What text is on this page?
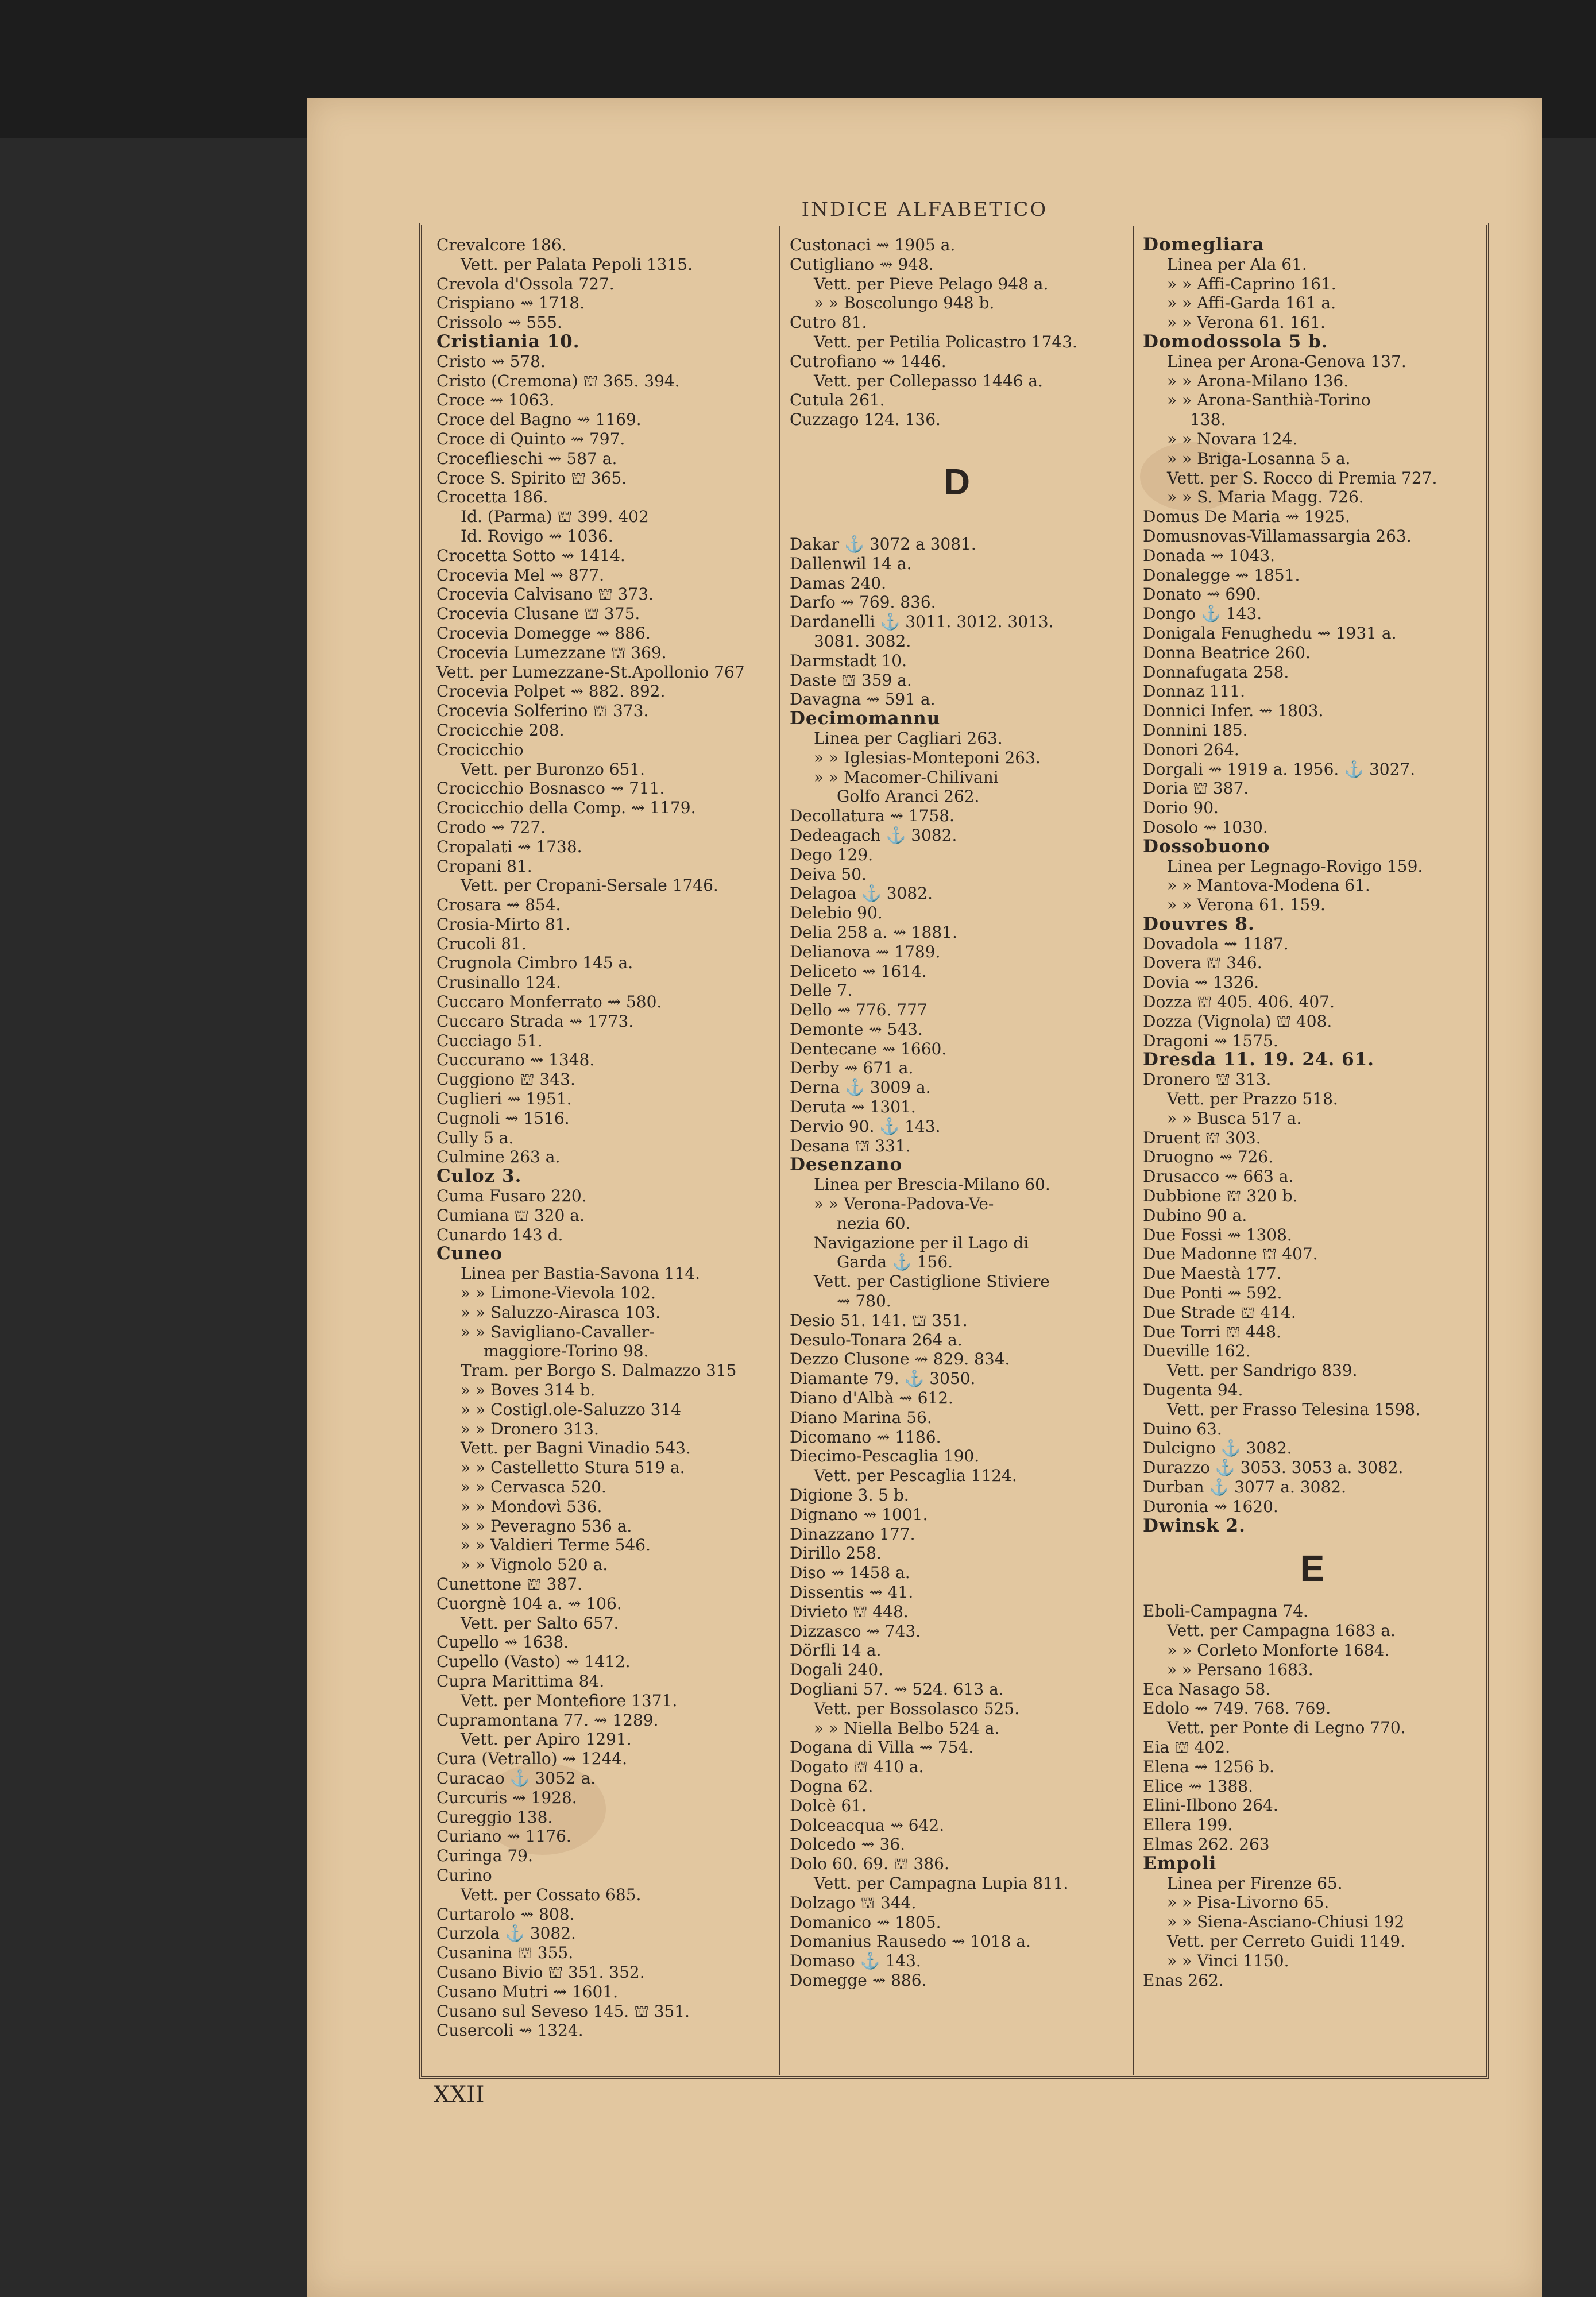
INDICE ALFABETICO
Crevalcore 186.
Vett. per Palata Pepoli 1315.
Crevola d'Ossola 727.
Crispiano ⇝ 1718.
Crissolo ⇝ 555.
Cristiania 10.
Cristo ⇝ 578.
Cristo (Cremona) ⛫ 365. 394.
Croce ⇝ 1063.
Croce del Bagno ⇝ 1169.
Croce di Quinto ⇝ 797.
Croceflieschi ⇝ 587 a.
Croce S. Spirito ⛫ 365.
Crocetta 186.
Id. (Parma) ⛫ 399. 402
Id. Rovigo ⇝ 1036.
Crocetta Sotto ⇝ 1414.
Crocevia Mel ⇝ 877.
Crocevia Calvisano ⛫ 373.
Crocevia Clusane ⛫ 375.
Crocevia Domegge ⇝ 886.
Crocevia Lumezzane ⛫ 369.
Vett. per Lumezzane-St.Apollonio 767
Crocevia Polpet ⇝ 882. 892.
Crocevia Solferino ⛫ 373.
Crocicchie 208.
Crocicchio
Vett. per Buronzo 651.
Crocicchio Bosnasco ⇝ 711.
Crocicchio della Comp. ⇝ 1179.
Crodo ⇝ 727.
Cropalati ⇝ 1738.
Cropani 81.
Vett. per Cropani-Sersale 1746.
Crosara ⇝ 854.
Crosia-Mirto 81.
Crucoli 81.
Crugnola Cimbro 145 a.
Crusinallo 124.
Cuccaro Monferrato ⇝ 580.
Cuccaro Strada ⇝ 1773.
Cucciago 51.
Cuccurano ⇝ 1348.
Cuggiono ⛫ 343.
Cuglieri ⇝ 1951.
Cugnoli ⇝ 1516.
Cully 5 a.
Culmine 263 a.
Culoz 3.
Cuma Fusaro 220.
Cumiana ⛫ 320 a.
Cunardo 143 d.
Cuneo
Linea per Bastia-Savona 114.
» » Limone-Vievola 102.
» » Saluzzo-Airasca 103.
» » Savigliano-Cavaller-
maggiore-Torino 98.
Tram. per Borgo S. Dalmazzo 315
» » Boves 314 b.
» » Costigl.ole-Saluzzo 314
» » Dronero 313.
Vett. per Bagni Vinadio 543.
» » Castelletto Stura 519 a.
» » Cervasca 520.
» » Mondovì 536.
» » Peveragno 536 a.
» » Valdieri Terme 546.
» » Vignolo 520 a.
Cunettone ⛫ 387.
Cuorgnè 104 a. ⇝ 106.
Vett. per Salto 657.
Cupello ⇝ 1638.
Cupello (Vasto) ⇝ 1412.
Cupra Marittima 84.
Vett. per Montefiore 1371.
Cupramontana 77. ⇝ 1289.
Vett. per Apiro 1291.
Cura (Vetrallo) ⇝ 1244.
Curacao ⚓ 3052 a.
Curcuris ⇝ 1928.
Cureggio 138.
Curiano ⇝ 1176.
Curinga 79.
Curino
Vett. per Cossato 685.
Curtarolo ⇝ 808.
Curzola ⚓ 3082.
Cusanina ⛫ 355.
Cusano Bivio ⛫ 351. 352.
Cusano Mutri ⇝ 1601.
Cusano sul Seveso 145. ⛫ 351.
Cusercoli ⇝ 1324.
Custonaci ⇝ 1905 a.
Cutigliano ⇝ 948.
Vett. per Pieve Pelago 948 a.
» » Boscolungo 948 b.
Cutro 81.
Vett. per Petilia Policastro 1743.
Cutrofiano ⇝ 1446.
Vett. per Collepasso 1446 a.
Cutula 261.
Cuzzago 124. 136.
D
Dakar ⚓ 3072 a 3081.
Dallenwil 14 a.
Damas 240.
Darfo ⇝ 769. 836.
Dardanelli ⚓ 3011. 3012. 3013.
3081. 3082.
Darmstadt 10.
Daste ⛫ 359 a.
Davagna ⇝ 591 a.
Decimomannu
Linea per Cagliari 263.
» » Iglesias-Monteponi 263.
» » Macomer-Chilivani
Golfo Aranci 262.
Decollatura ⇝ 1758.
Dedeagach ⚓ 3082.
Dego 129.
Deiva 50.
Delagoa ⚓ 3082.
Delebio 90.
Delia 258 a. ⇝ 1881.
Delianova ⇝ 1789.
Deliceto ⇝ 1614.
Delle 7.
Dello ⇝ 776. 777
Demonte ⇝ 543.
Dentecane ⇝ 1660.
Derby ⇝ 671 a.
Derna ⚓ 3009 a.
Deruta ⇝ 1301.
Dervio 90. ⚓ 143.
Desana ⛫ 331.
Desenzano
Linea per Brescia-Milano 60.
» » Verona-Padova-Ve-
nezia 60.
Navigazione per il Lago di
Garda ⚓ 156.
Vett. per Castiglione Stiviere
⇝ 780.
Desio 51. 141. ⛫ 351.
Desulo-Tonara 264 a.
Dezzo Clusone ⇝ 829. 834.
Diamante 79. ⚓ 3050.
Diano d'Albà ⇝ 612.
Diano Marina 56.
Dicomano ⇝ 1186.
Diecimo-Pescaglia 190.
Vett. per Pescaglia 1124.
Digione 3. 5 b.
Dignano ⇝ 1001.
Dinazzano 177.
Dirillo 258.
Diso ⇝ 1458 a.
Dissentis ⇝ 41.
Divieto ⛫ 448.
Dizzasco ⇝ 743.
Dörfli 14 a.
Dogali 240.
Dogliani 57. ⇝ 524. 613 a.
Vett. per Bossolasco 525.
» » Niella Belbo 524 a.
Dogana di Villa ⇝ 754.
Dogato ⛫ 410 a.
Dogna 62.
Dolcè 61.
Dolceacqua ⇝ 642.
Dolcedo ⇝ 36.
Dolo 60. 69. ⛫ 386.
Vett. per Campagna Lupia 811.
Dolzago ⛫ 344.
Domanico ⇝ 1805.
Domanius Rausedo ⇝ 1018 a.
Domaso ⚓ 143.
Domegge ⇝ 886.
Domegliara
Linea per Ala 61.
» » Affi-Caprino 161.
» » Affi-Garda 161 a.
» » Verona 61. 161.
Domodossola 5 b.
Linea per Arona-Genova 137.
» » Arona-Milano 136.
» » Arona-Santhià-Torino
138.
» » Novara 124.
» » Briga-Losanna 5 a.
Vett. per S. Rocco di Premia 727.
» » S. Maria Magg. 726.
Domus De Maria ⇝ 1925.
Domusnovas-Villamassargia 263.
Donada ⇝ 1043.
Donalegge ⇝ 1851.
Donato ⇝ 690.
Dongo ⚓ 143.
Donigala Fenughedu ⇝ 1931 a.
Donna Beatrice 260.
Donnafugata 258.
Donnaz 111.
Donnici Infer. ⇝ 1803.
Donnini 185.
Donori 264.
Dorgali ⇝ 1919 a. 1956. ⚓ 3027.
Doria ⛫ 387.
Dorio 90.
Dosolo ⇝ 1030.
Dossobuono
Linea per Legnago-Rovigo 159.
» » Mantova-Modena 61.
» » Verona 61. 159.
Douvres 8.
Dovadola ⇝ 1187.
Dovera ⛫ 346.
Dovia ⇝ 1326.
Dozza ⛫ 405. 406. 407.
Dozza (Vignola) ⛫ 408.
Dragoni ⇝ 1575.
Dresda 11. 19. 24. 61.
Dronero ⛫ 313.
Vett. per Prazzo 518.
» » Busca 517 a.
Druent ⛫ 303.
Druogno ⇝ 726.
Drusacco ⇝ 663 a.
Dubbione ⛫ 320 b.
Dubino 90 a.
Due Fossi ⇝ 1308.
Due Madonne ⛫ 407.
Due Maestà 177.
Due Ponti ⇝ 592.
Due Strade ⛫ 414.
Due Torri ⛫ 448.
Dueville 162.
Vett. per Sandrigo 839.
Dugenta 94.
Vett. per Frasso Telesina 1598.
Duino 63.
Dulcigno ⚓ 3082.
Durazzo ⚓ 3053. 3053 a. 3082.
Durban ⚓ 3077 a. 3082.
Duronia ⇝ 1620.
Dwinsk 2.
E
Eboli-Campagna 74.
Vett. per Campagna 1683 a.
» » Corleto Monforte 1684.
» » Persano 1683.
Eca Nasago 58.
Edolo ⇝ 749. 768. 769.
Vett. per Ponte di Legno 770.
Eia ⛫ 402.
Elena ⇝ 1256 b.
Elice ⇝ 1388.
Elini-Ilbono 264.
Ellera 199.
Elmas 262. 263
Empoli
Linea per Firenze 65.
» » Pisa-Livorno 65.
» » Siena-Asciano-Chiusi 192
Vett. per Cerreto Guidi 1149.
» » Vinci 1150.
Enas 262.
XXII
